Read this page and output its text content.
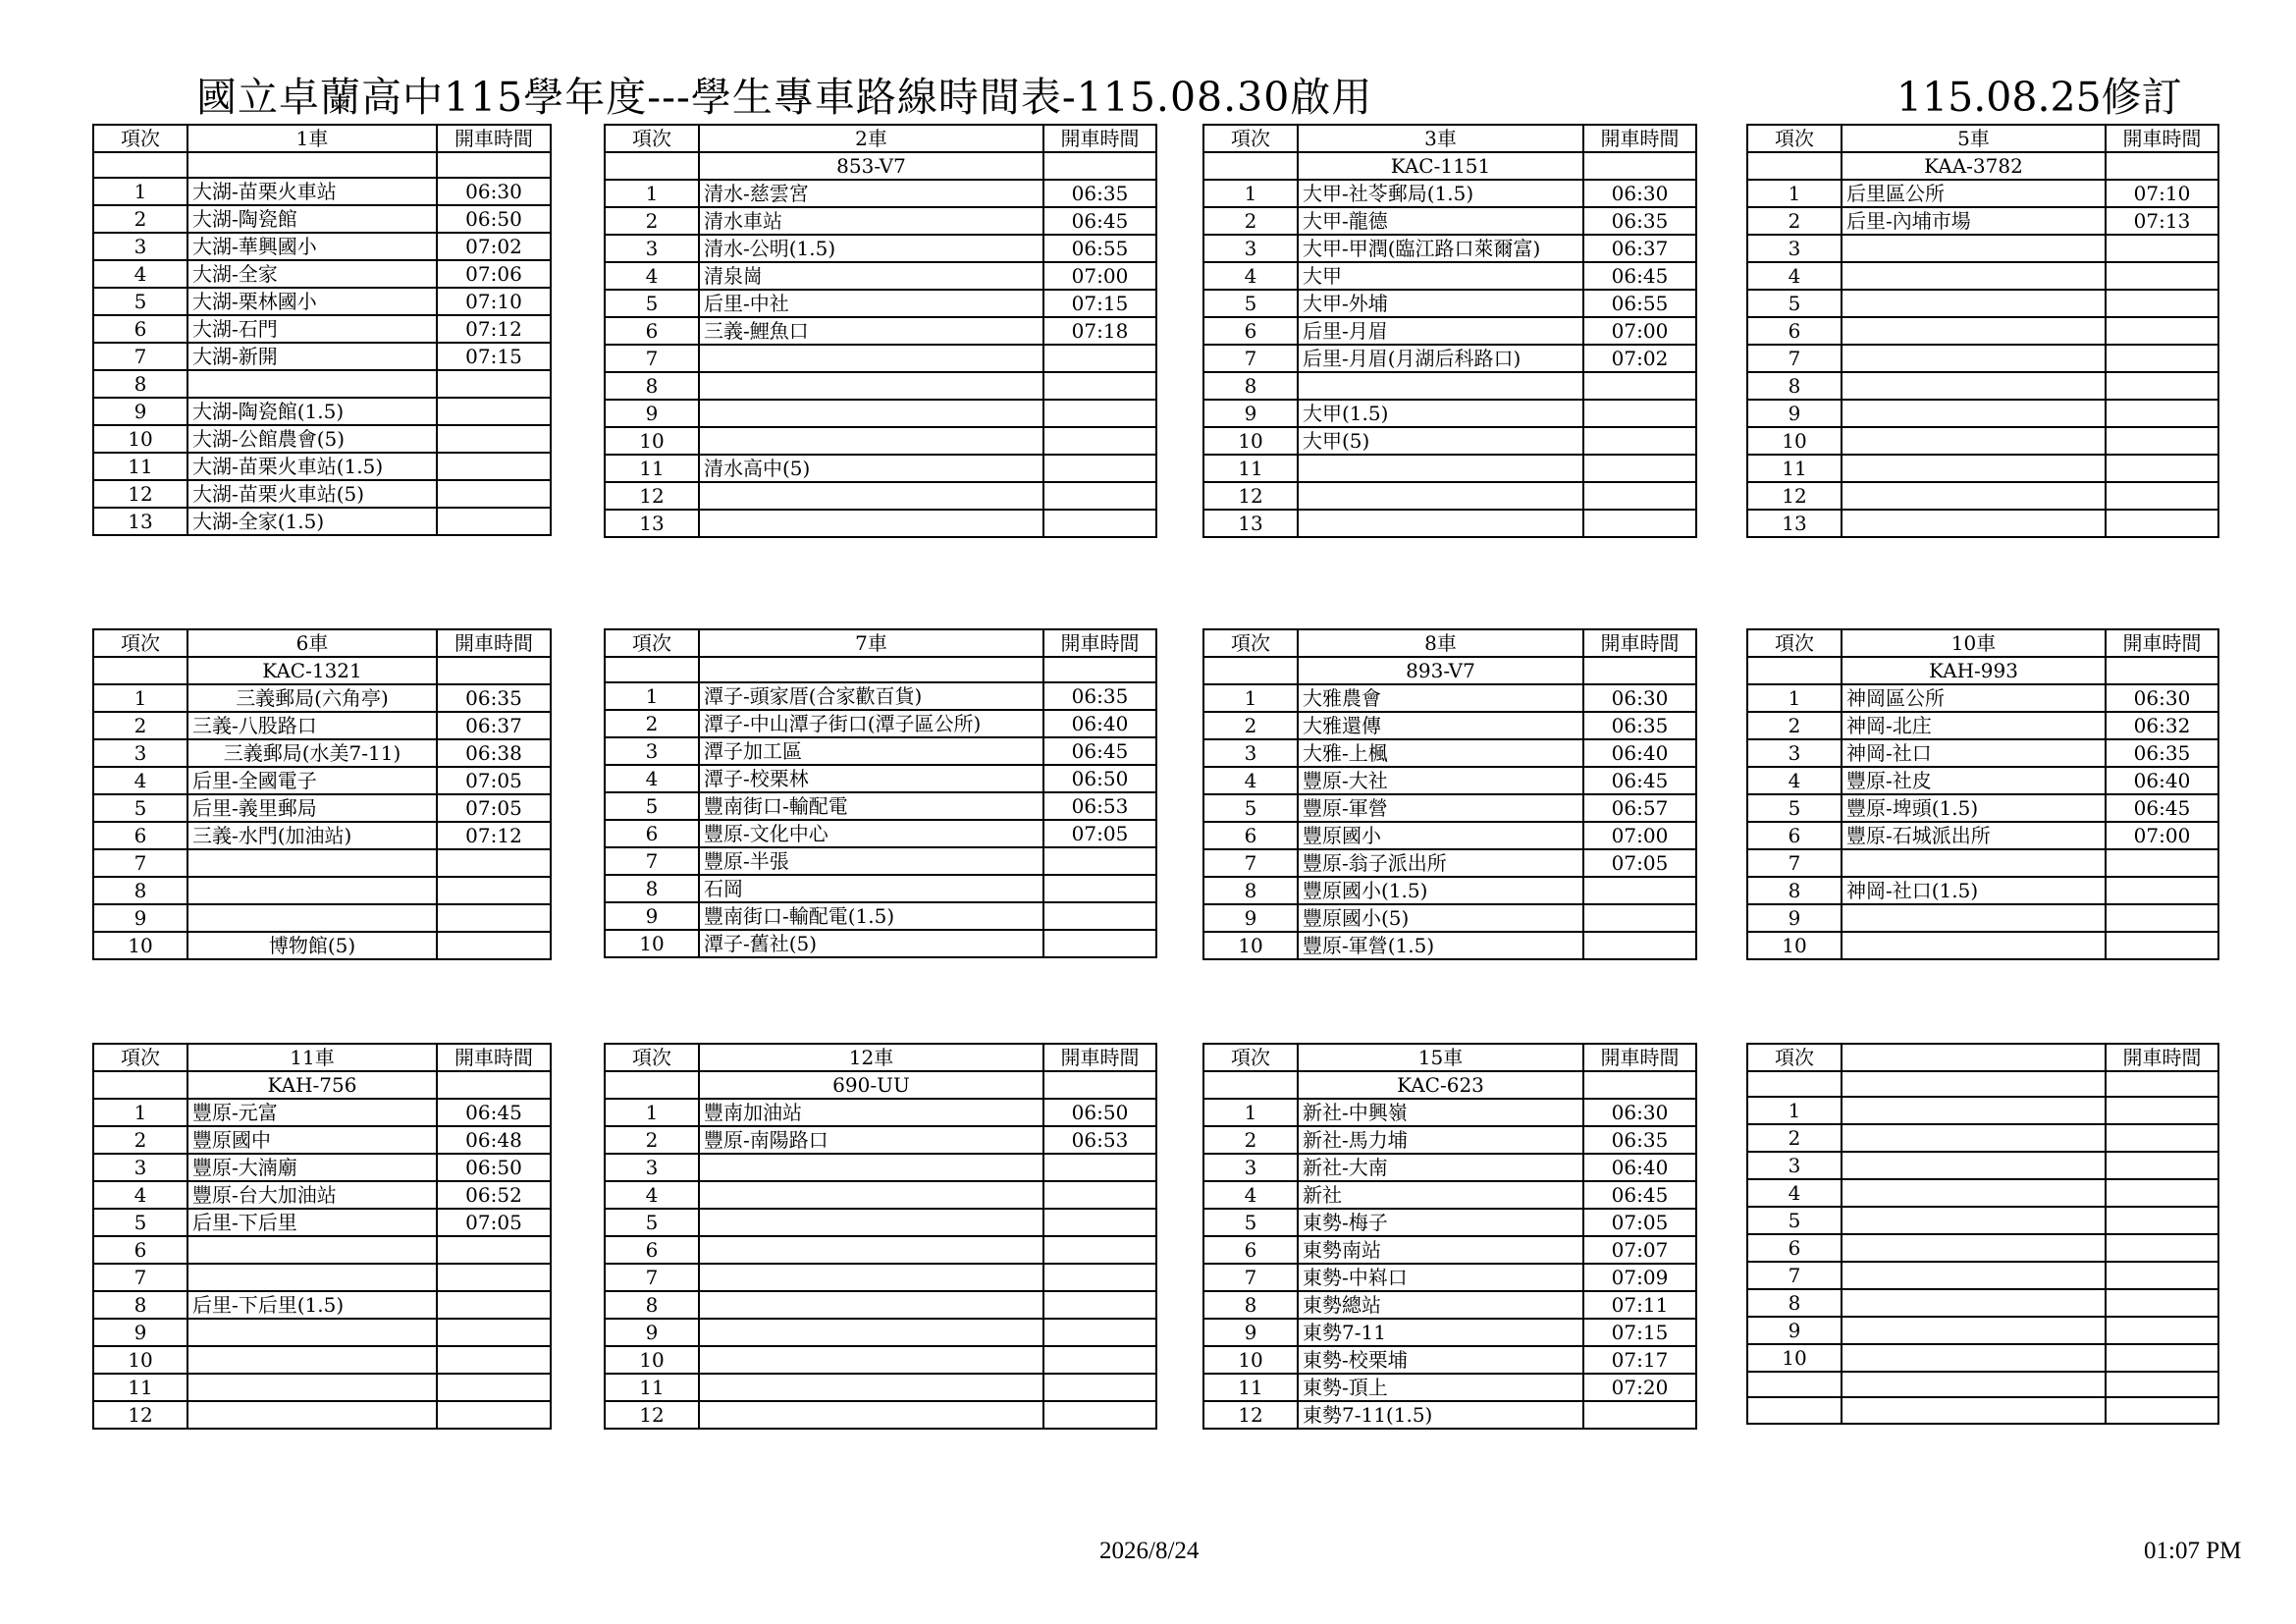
國立卓蘭高中115學年度---學生專車路線時間表-115.08.30啟用	115.08.25修訂
項次	1車	開車時間

1	大湖-苗栗火車站	06:30
2	大湖-陶瓷館	06:50
3	大湖-華興國小	07:02
4	大湖-全家	07:06
5	大湖-栗林國小	07:10
6	大湖-石門	07:12
7	大湖-新開	07:15
8		
9	大湖-陶瓷館(1.5)	
10	大湖-公館農會(5)	
11	大湖-苗栗火車站(1.5)	
12	大湖-苗栗火車站(5)	
13	大湖-全家(1.5)	
項次	2車	開車時間
	853-V7	
1	清水-慈雲宮	06:35
2	清水車站	06:45
3	清水-公明(1.5)	06:55
4	清泉崗	07:00
5	后里-中社	07:15
6	三義-鯉魚口	07:18
7		
8		
9		
10		
11	清水高中(5)	
12		
13		
項次	3車	開車時間
	KAC-1151	
1	大甲-社苓郵局(1.5)	06:30
2	大甲-龍德	06:35
3	大甲-甲潤(臨江路口萊爾富)	06:37
4	大甲	06:45
5	大甲-外埔	06:55
6	后里-月眉	07:00
7	后里-月眉(月湖后科路口)	07:02
8		
9	大甲(1.5)	
10	大甲(5)	
11		
12		
13		
項次	5車	開車時間
	KAA-3782	
1	后里區公所	07:10
2	后里-內埔市場	07:13
3		
4		
5		
6		
7		
8		
9		
10		
11		
12		
13		
項次	6車	開車時間
	KAC-1321	
1	三義郵局(六角亭)	06:35
2	三義-八股路口	06:37
3	三義郵局(水美7-11)	06:38
4	后里-全國電子	07:05
5	后里-義里郵局	07:05
6	三義-水門(加油站)	07:12
7		
8		
9		
10	博物館(5)	
項次	7車	開車時間

1	潭子-頭家厝(合家歡百貨)	06:35
2	潭子-中山潭子街口(潭子區公所)	06:40
3	潭子加工區	06:45
4	潭子-校栗林	06:50
5	豐南街口-輸配電	06:53
6	豐原-文化中心	07:05
7	豐原-半張	
8	石岡	
9	豐南街口-輸配電(1.5)	
10	潭子-舊社(5)	
項次	8車	開車時間
	893-V7	
1	大雅農會	06:30
2	大雅還傳	06:35
3	大雅-上楓	06:40
4	豐原-大社	06:45
5	豐原-軍營	06:57
6	豐原國小	07:00
7	豐原-翁子派出所	07:05
8	豐原國小(1.5)	
9	豐原國小(5)	
10	豐原-軍營(1.5)	
項次	10車	開車時間
	KAH-993	
1	神岡區公所	06:30
2	神岡-北庄	06:32
3	神岡-社口	06:35
4	豐原-社皮	06:40
5	豐原-埤頭(1.5)	06:45
6	豐原-石城派出所	07:00
7		
8	神岡-社口(1.5)	
9		
10		
項次	11車	開車時間
	KAH-756	
1	豐原-元富	06:45
2	豐原國中	06:48
3	豐原-大湳廟	06:50
4	豐原-台大加油站	06:52
5	后里-下后里	07:05
6		
7		
8	后里-下后里(1.5)	
9		
10		
11		
12		
項次	12車	開車時間
	690-UU	
1	豐南加油站	06:50
2	豐原-南陽路口	06:53
3		
4		
5		
6		
7		
8		
9		
10		
11		
12		
項次	15車	開車時間
	KAC-623	
1	新社-中興嶺	06:30
2	新社-馬力埔	06:35
3	新社-大南	06:40
4	新社	06:45
5	東勢-梅子	07:05
6	東勢南站	07:07
7	東勢-中嵙口	07:09
8	東勢總站	07:11
9	東勢7-11	07:15
10	東勢-校栗埔	07:17
11	東勢-頂上	07:20
12	東勢7-11(1.5)	
項次		開車時間

1		
2		
3		
4		
5		
6		
7		
8		
9		
10		

2026/8/24	01:07 PM
